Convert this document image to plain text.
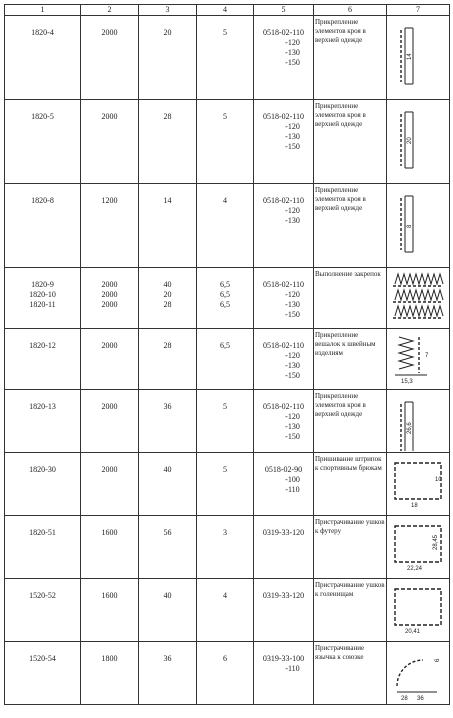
1	2	3	4	5	6	7

1820-4	2000	20	5	0518-02-110
-120
-130
-150	Прикрепление элементов кроя в верхней одежде	14

1820-5	2000	28	5	0518-02-110
-120
-130
-150	Прикрепление элементов кроя в верхней одежде	20

1820-8	1200	14	4	0518-02-110
-120
-130	Прикрепление элементов кроя в верхней одежде	8

1820-9
1820-10
1820-11	2000
2000
2000	40
20
28	6,5
6,5
6,5	0518-02-110
-120
-130
-150	Выполнение закрепок	

1820-12	2000	28	6,5	0518-02-110
-120
-130
-150	Прикрепление вешалок к швейным изделиям	15,3
7

1820-13	2000	36	5	0518-02-110
-120
-130
-150	Прикрепление элементов кроя в верхней одежде	26,6

1820-30	2000	40	5	0518-02-90
-100
-110	Пришивание штрипок к спортивным брюкам	10
18

1820-51	1600	56	3	0319-33-120	Пристрачивание ушков к футеру	28,45
22,24

1520-52	1600	40	4	0319-33-120	Пристрачивание ушков к голенищам	20,41

1520-54	1800	36	6	0319-33-100
-110	Пристрачивание язычка к союзке	28 36
6
